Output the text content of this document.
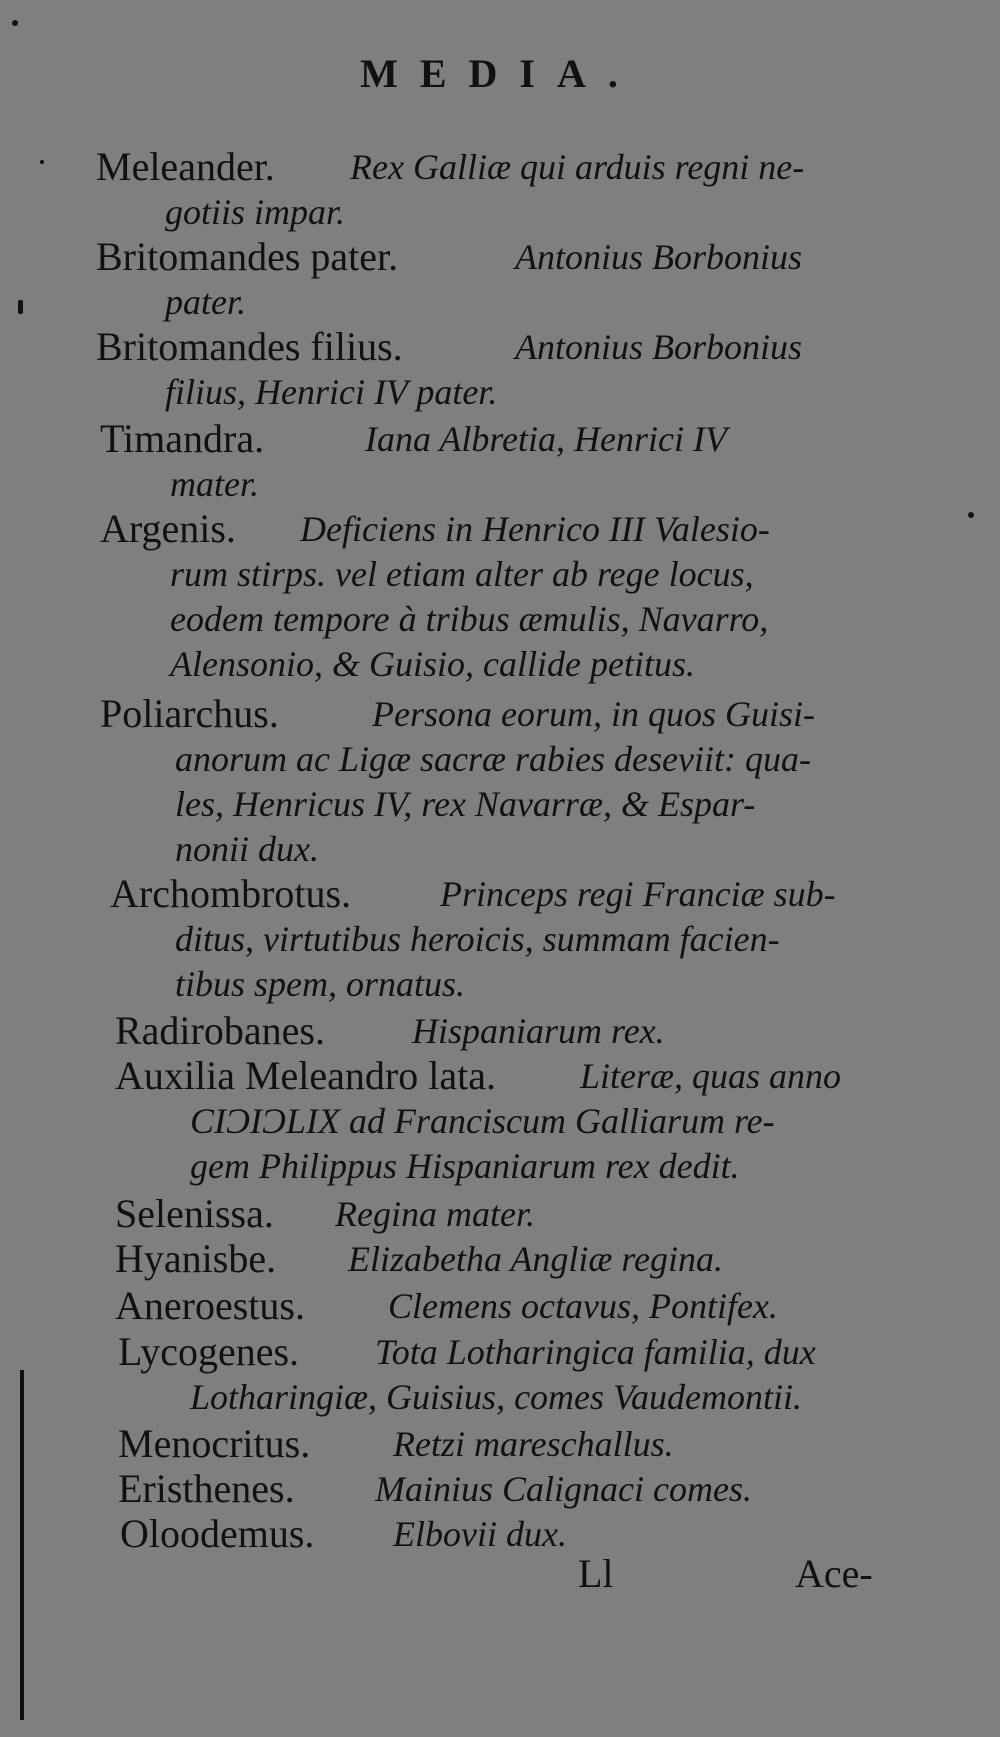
MEDIA.
Meleander. Rex Galliæ qui arduis regni ne-
gotiis impar.
Britomandes pater.	Antonius Borbonius
pater.
Britomandes filius.	Antonius Borbonius
filius, Henrici IV pater.
Timandra.	Iana Albretia, Henrici IV
mater.
Argenis. Deficiens in Henrico III Valesio-
rum stirps. vel etiam alter ab rege locus,
eodem tempore à tribus æmulis, Navarro,
Alensonio, & Guisio, callide petitus.
Poliarchus.	Persona eorum, in quos Guisi-
anorum ac Ligæ sacræ rabies deseviit: qua-
les, Henricus IV, rex Navarræ, & Espar-
nonii dux.
Archombrotus. Princeps regi Franciæ sub-
ditus, virtutibus heroicis, summam facien-
tibus spem, ornatus.
Radirobanes. Hispaniarum rex.
Auxilia Meleandro lata. Literæ, quas anno
CIƆIƆLIX ad Franciscum Galliarum re-
gem Philippus Hispaniarum rex dedit.
Selenissa. Regina mater.
Hyanisbe. Elizabetha Angliæ regina.
Aneroestus. Clemens octavus, Pontifex.
Lycogenes. Tota Lotharingica familia, dux
Lotharingiæ, Guisius, comes Vaudemontii.
Menocritus. Retzi mareschallus.
Eristhenes. Mainius Calignaci comes.
Oloodemus. Elbovii dux.
Ll	Ace-
